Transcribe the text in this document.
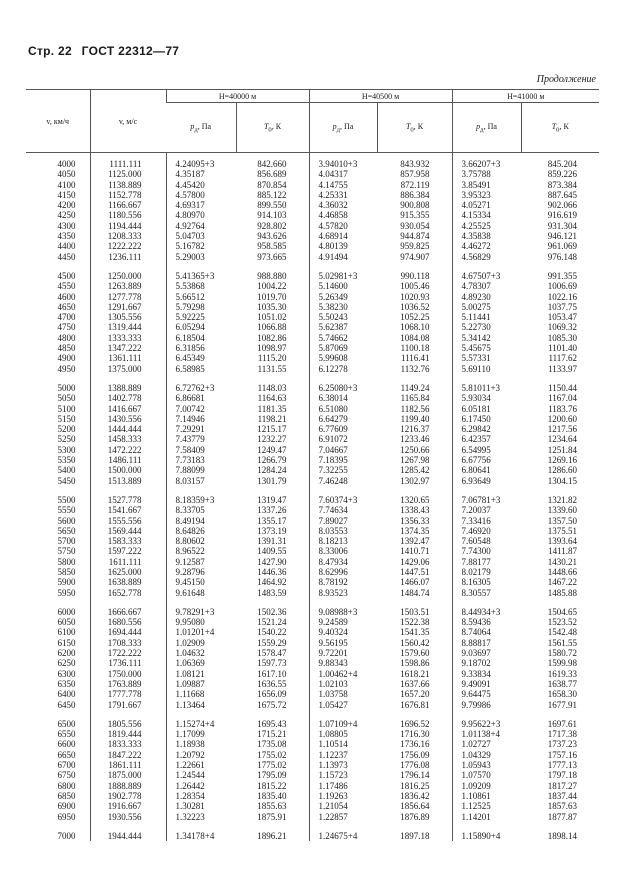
Стр. 22 ГОСТ 22312—77
Продолжение
v, км/ч	v, м/с	H=40000 м		H=40500 м		H=41000 м	
		$p_д$, Па	$T_0$, К	$p_д$, Па	$T_0$, К	$p_д$, Па	$T_0$, К
4000	1111.111	4.24095+3	842.660	3.94010+3	843.932	3.66207+3	845.204
4050	1125.000	4.35187	856.689	4.04317	857.958	3.75788	859.226
4100	1138.889	4.45420	870.854	4.14755	872.119	3.85491	873.384
4150	1152.778	4.57800	885.122	4.25331	886.384	3.95323	887.645
4200	1166.667	4.69317	899.550	4.36032	900.808	4.05271	902.066
4250	1180.556	4.80970	914.103	4.46858	915.355	4.15334	916.619
4300	1194.444	4.92764	928.802	4.57820	930.054	4.25525	931.304
4350	1208.333	5.04703	943.626	4.68914	944.874	4.35838	946.121
4400	1222.222	5.16782	958.585	4.80139	959.825	4.46272	961.069
4450	1236.111	5.29003	973.665	4.91494	974.907	4.56829	976.148

4500	1250.000	5.41365+3	988.880	5.02981+3	990.118	4.67507+3	991.355
4550	1263.889	5.53868	1004.22	5.14600	1005.46	4.78307	1006.69
4600	1277.778	5.66512	1019.70	5.26349	1020.93	4.89230	1022.16
4650	1291.667	5.79298	1035.30	5.38230	1036.52	5.00275	1037.75
4700	1305.556	5.92225	1051.02	5.50243	1052.25	5.11441	1053.47
4750	1319.444	6.05294	1066.88	5.62387	1068.10	5.22730	1069.32
4800	1333.333	6.18504	1082.86	5.74662	1084.08	5.34142	1085.30
4850	1347.222	6.31856	1098.97	5.87069	1100.18	5.45675	1101.40
4900	1361.111	6.45349	1115.20	5.99608	1116.41	5.57331	1117.62
4950	1375.000	6.58985	1131.55	6.12278	1132.76	5.69110	1133.97

5000	1388.889	6.72762+3	1148.03	6.25080+3	1149.24	5.81011+3	1150.44
5050	1402.778	6.86681	1164.63	6.38014	1165.84	5.93034	1167.04
5100	1416.667	7.00742	1181.35	6.51080	1182.56	6.05181	1183.76
5150	1430.556	7.14946	1198.21	6.64279	1199.40	6.17450	1200.60
5200	1444.444	7.29291	1215.17	6.77609	1216.37	6.29842	1217.56
5250	1458.333	7.43779	1232.27	6.91072	1233.46	6.42357	1234.64
5300	1472.222	7.58409	1249.47	7.04667	1250.66	6.54995	1251.84
5350	1486.111	7.73183	1266.79	7.18395	1267.98	6.67756	1269.16
5400	1500.000	7.88099	1284.24	7.32255	1285.42	6.80641	1286.60
5450	1513.889	8.03157	1301.79	7.46248	1302.97	6.93649	1304.15

5500	1527.778	8.18359+3	1319.47	7.60374+3	1320.65	7.06781+3	1321.82
5550	1541.667	8.33705	1337.26	7.74634	1338.43	7.20037	1339.60
5600	1555.556	8.49194	1355.17	7.89027	1356.33	7.33416	1357.50
5650	1569.444	8.64826	1373.19	8.03553	1374.35	7.46920	1375.51
5700	1583.333	8.80602	1391.31	8.18213	1392.47	7.60548	1393.64
5750	1597.222	8.96522	1409.55	8.33006	1410.71	7.74300	1411.87
5800	1611.111	9.12587	1427.90	8.47934	1429.06	7.88177	1430.21
5850	1625.000	9.28796	1446.36	8.62996	1447.51	8.02179	1448.66
5900	1638.889	9.45150	1464.92	8.78192	1466.07	8.16305	1467.22
5950	1652.778	9.61648	1483.59	8.93523	1484.74	8.30557	1485.88

6000	1666.667	9.78291+3	1502.36	9.08988+3	1503.51	8.44934+3	1504.65
6050	1680.556	9.95080	1521.24	9.24589	1522.38	8.59436	1523.52
6100	1694.444	1.01201+4	1540.22	9.40324	1541.35	8.74064	1542.48
6150	1708.333	1.02909	1559.29	9.56195	1560.42	8.88817	1561.55
6200	1722.222	1.04632	1578.47	9.72201	1579.60	9.03697	1580.72
6250	1736.111	1.06369	1597.73	9.88343	1598.86	9.18702	1599.98
6300	1750.000	1.08121	1617.10	1.00462+4	1618.21	9.33834	1619.33
6350	1763.889	1.09887	1636.55	1.02103	1637.66	9.49091	1638.77
6400	1777.778	1.11668	1656.09	1.03758	1657.20	9.64475	1658.30
6450	1791.667	1.13464	1675.72	1.05427	1676.81	9.79986	1677.91

6500	1805.556	1.15274+4	1695.43	1.07109+4	1696.52	9.95622+3	1697.61
6550	1819.444	1.17099	1715.21	1.08805	1716.30	1.01138+4	1717.38
6600	1833.333	1.18938	1735.08	1.10514	1736.16	1.02727	1737.23
6650	1847.222	1.20792	1755.02	1.12237	1756.09	1.04329	1757.16
6700	1861.111	1.22661	1775.02	1.13973	1776.08	1.05943	1777.13
6750	1875.000	1.24544	1795.09	1.15723	1796.14	1.07570	1797.18
6800	1888.889	1.26442	1815.22	1.17486	1816.25	1.09209	1817.27
6850	1902.778	1.28354	1835.40	1.19263	1836.42	1.10861	1837.44
6900	1916.667	1.30281	1855.63	1.21054	1856.64	1.12525	1857.63
6950	1930.556	1.32223	1875.91	1.22857	1876.89	1.14201	1877.87

7000	1944.444	1.34178+4	1896.21	1.24675+4	1897.18	1.15890+4	1898.14
